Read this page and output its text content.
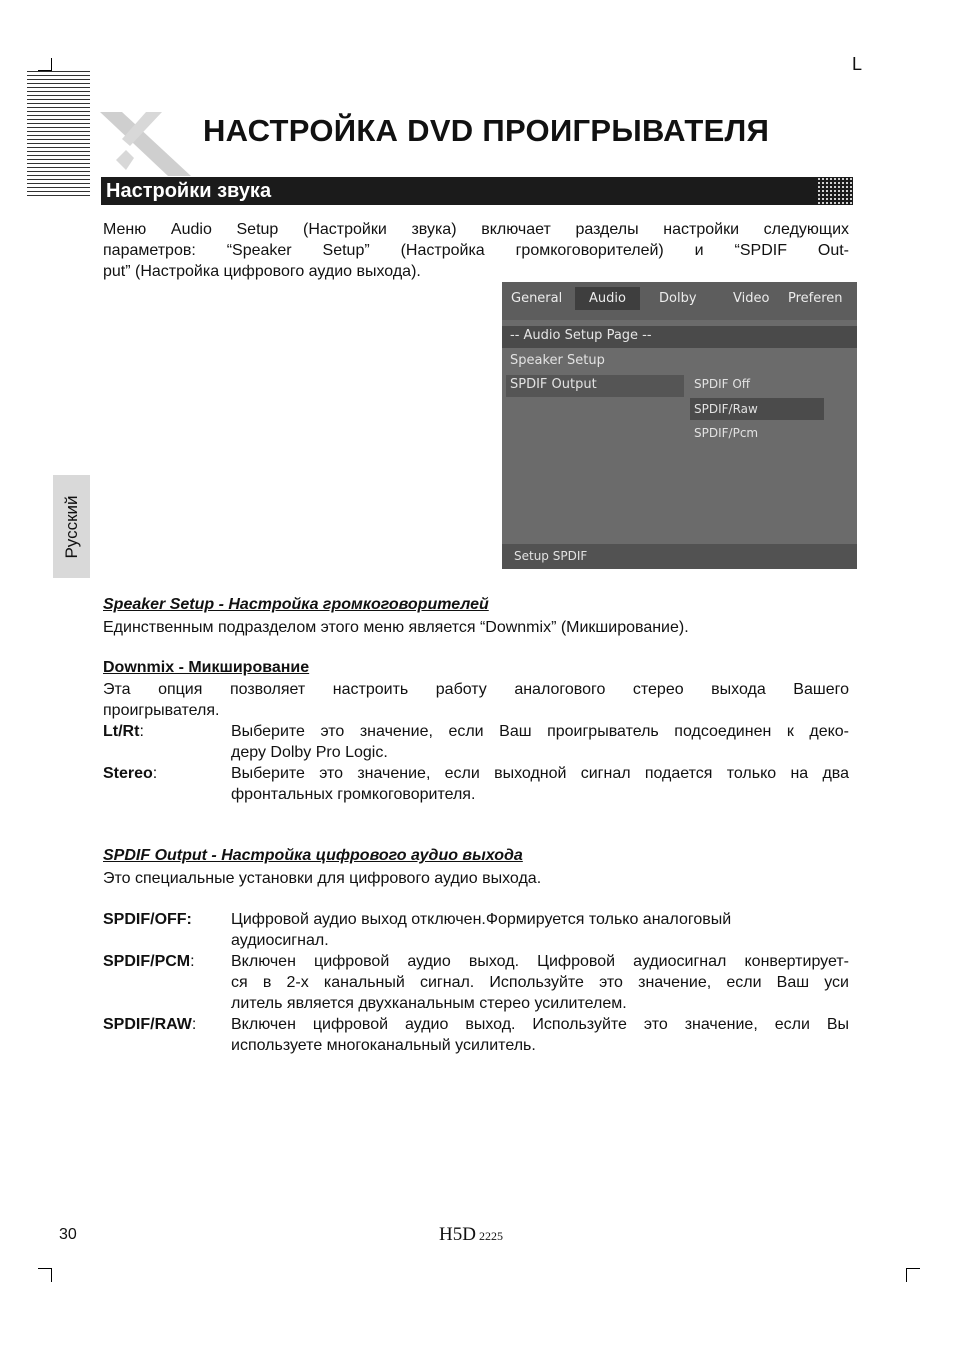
L
НАСТРОЙКА DVD ПРОИГРЫВАТЕЛЯ
Настройки звука
Меню Audio Setup (Настройки звука) включает разделы настройки следующих
параметров: “Speaker Setup” (Настройка громкоговорителей) и “SPDIF Out-
put” (Настройка цифрового аудио выхода).
Русский
General	Audio	Dolby	Video Preferen
-- Audio Setup Page --
Speaker Setup
SPDIF Output	SPDIF Off
SPDIF/Raw
SPDIF/Pcm
Setup SPDIF
Speaker Setup - Настройка громкоговорителей
Единственным подразделом этого меню является “Downmix” (Микширование).
Downmix - Микширование
Эта опция позволяет настроить работу аналогового стерео выхода Вашего
проигрывателя.
Lt/Rt:	Выберите это значение, если Ваш проигрыватель подсоединен к деко-
деру Dolby Pro Logic.
Stereo:	Выберите это значение, если выходной сигнал подается только на два
фронтальных громкоговорителя.
SPDIF Output - Настройка цифрового аудио выхода
Это специальные установки для цифрового аудио выхода.
SPDIF/OFF: Цифровой аудио выход отключен.Формируется только аналоговый
аудиосигнал.
SPDIF/PCM: Включен цифровой аудио выход. Цифровой аудиосигнал конвертирует-
ся в 2-х канальный сигнал. Используйте это значение, если Ваш уси
литель является двухканальным стерео усилителем.
SPDIF/RAW: Включен цифровой аудио выход. Используйте это значение, если Вы
используете многоканальный усилитель.
30	H5D 2225
